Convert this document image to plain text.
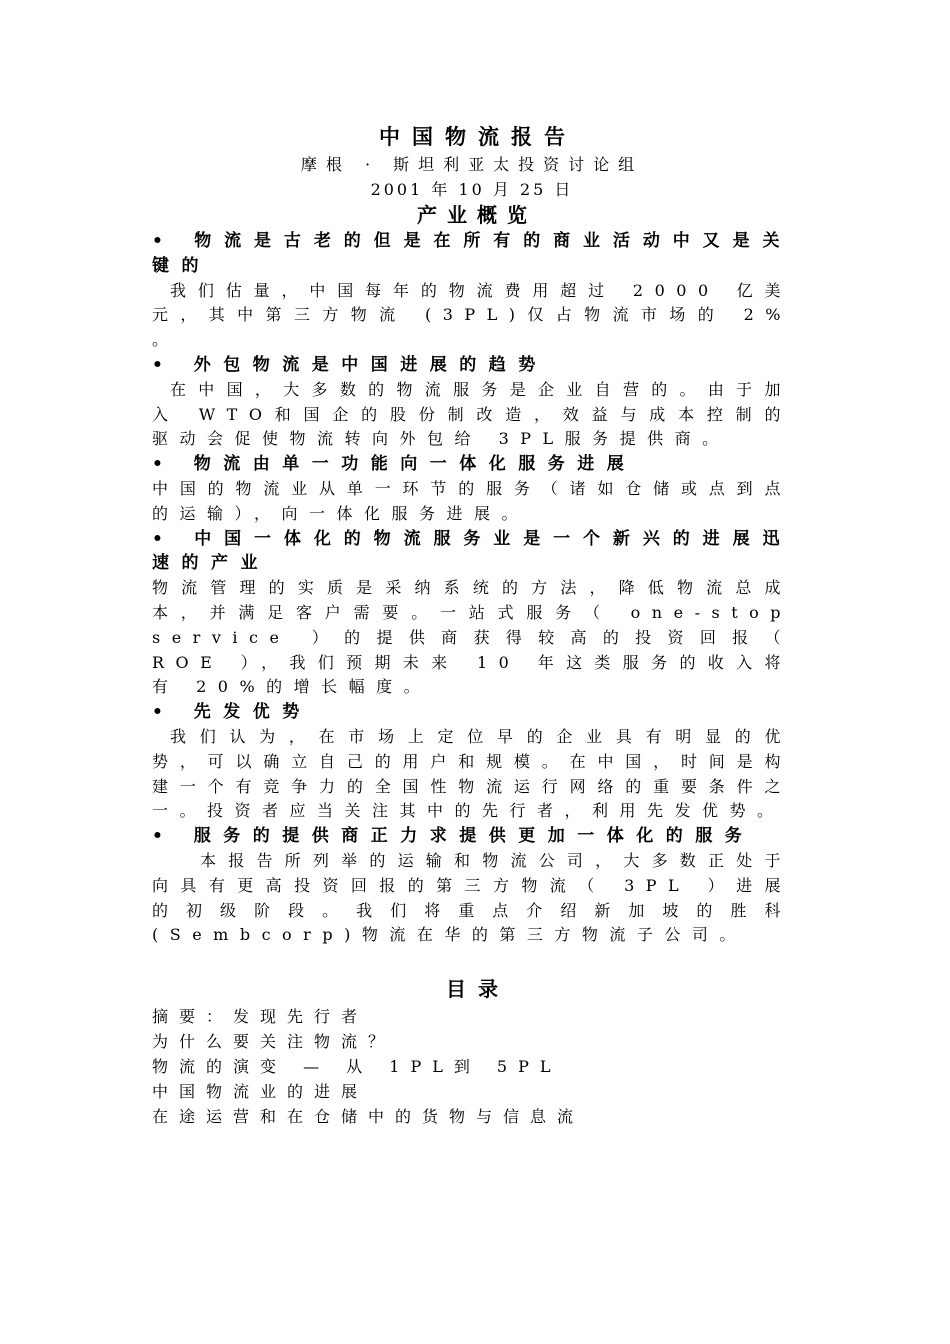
中国物流报告
摩根 · 斯坦利亚太投资讨论组
2001 年 10 月 25 日
产业概览
• 物流是古老的但是在所有的商业活动中又是关键的
我们估量，中国每年的物流费用超过 2000 亿美元，其中第三方物流 (3PL)仅占物流市场的 2% 。
• 外包物流是中国进展的趋势
在中国，大多数的物流服务是企业自营的。由于加入 WTO和国企的股份制改造，效益与成本控制的驱动会促使物流转向外包给 3PL服务提供商。
• 物流由单一功能向一体化服务进展
中国的物流业从单一环节的服务（诸如仓储或点到点的运输），向一体化服务进展。
• 中国一体化的物流服务业是一个新兴的进展迅速的产业
物流管理的实质是采纳系统的方法，降低物流总成本，并满足客户需要。一站式服务（ one-stop service ）的提供商获得较高的投资回报（ ROE ），我们预期未来 10 年这类服务的收入将有 20%的增长幅度。
• 先发优势
我们认为，在市场上定位早的企业具有明显的优势，可以确立自己的用户和规模。在中国，时间是构建一个有竞争力的全国性物流运行网络的重要条件之一。投资者应当关注其中的先行者，利用先发优势。
• 服务的提供商正力求提供更加一体化的服务
本报告所列举的运输和物流公司，大多数正处于向具有更高投资回报的第三方物流（ 3PL ）进展的初级阶段。我们将重点介绍新加坡的胜科 (Sembcorp)物流在华的第三方物流子公司。
目录
摘要：发现先行者
为什么要关注物流？
物流的演变 — 从 1PL到 5PL
中国物流业的进展
在途运营和在仓储中的货物与信息流
